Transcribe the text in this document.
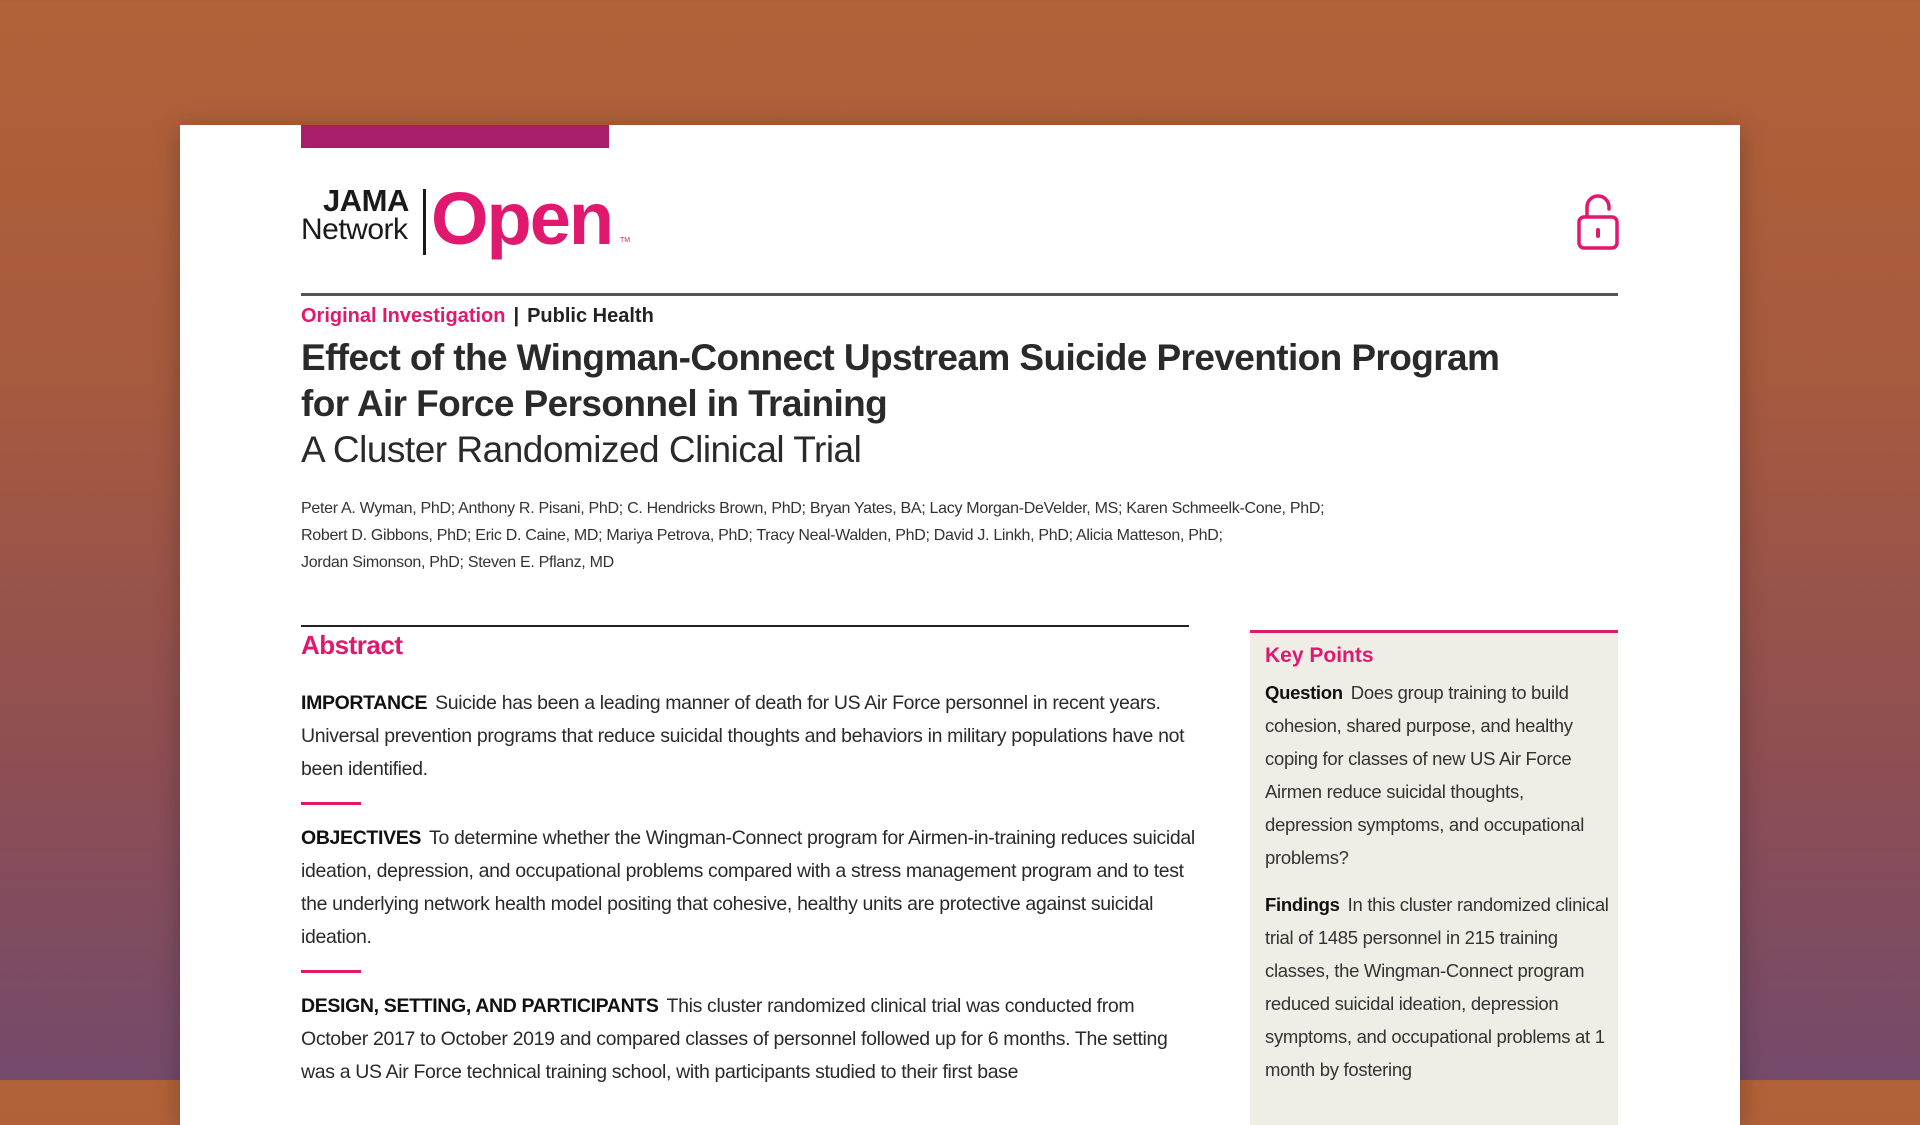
JAMA
Network Open TM
Original Investigation | Public Health
Effect of the Wingman-Connect Upstream Suicide Prevention Program for Air Force Personnel in Training
A Cluster Randomized Clinical Trial
Peter A. Wyman, PhD; Anthony R. Pisani, PhD; C. Hendricks Brown, PhD; Bryan Yates, BA; Lacy Morgan-DeVelder, MS; Karen Schmeelk-Cone, PhD;
Robert D. Gibbons, PhD; Eric D. Caine, MD; Mariya Petrova, PhD; Tracy Neal-Walden, PhD; David J. Linkh, PhD; Alicia Matteson, PhD;
Jordan Simonson, PhD; Steven E. Pflanz, MD
Abstract

IMPORTANCE Suicide has been a leading manner of death for US Air Force personnel in recent years. Universal prevention programs that reduce suicidal thoughts and behaviors in military populations have not been identified.

OBJECTIVES To determine whether the Wingman-Connect program for Airmen-in-training reduces suicidal ideation, depression, and occupational problems compared with a stress management program and to test the underlying network health model positing that cohesive, healthy units are protective against suicidal ideation.

DESIGN, SETTING, AND PARTICIPANTS This cluster randomized clinical trial was conducted from October 2017 to October 2019 and compared classes of personnel followed up for 6 months. The setting was a US Air Force technical training school, with participants studied to their first base

Key Points

Question Does group training to build cohesion, shared purpose, and healthy coping for classes of new US Air Force Airmen reduce suicidal thoughts, depression symptoms, and occupational problems?

Findings In this cluster randomized clinical trial of 1485 personnel in 215 training classes, the Wingman-Connect program reduced suicidal ideation, depression symptoms, and occupational problems at 1 month by fostering
